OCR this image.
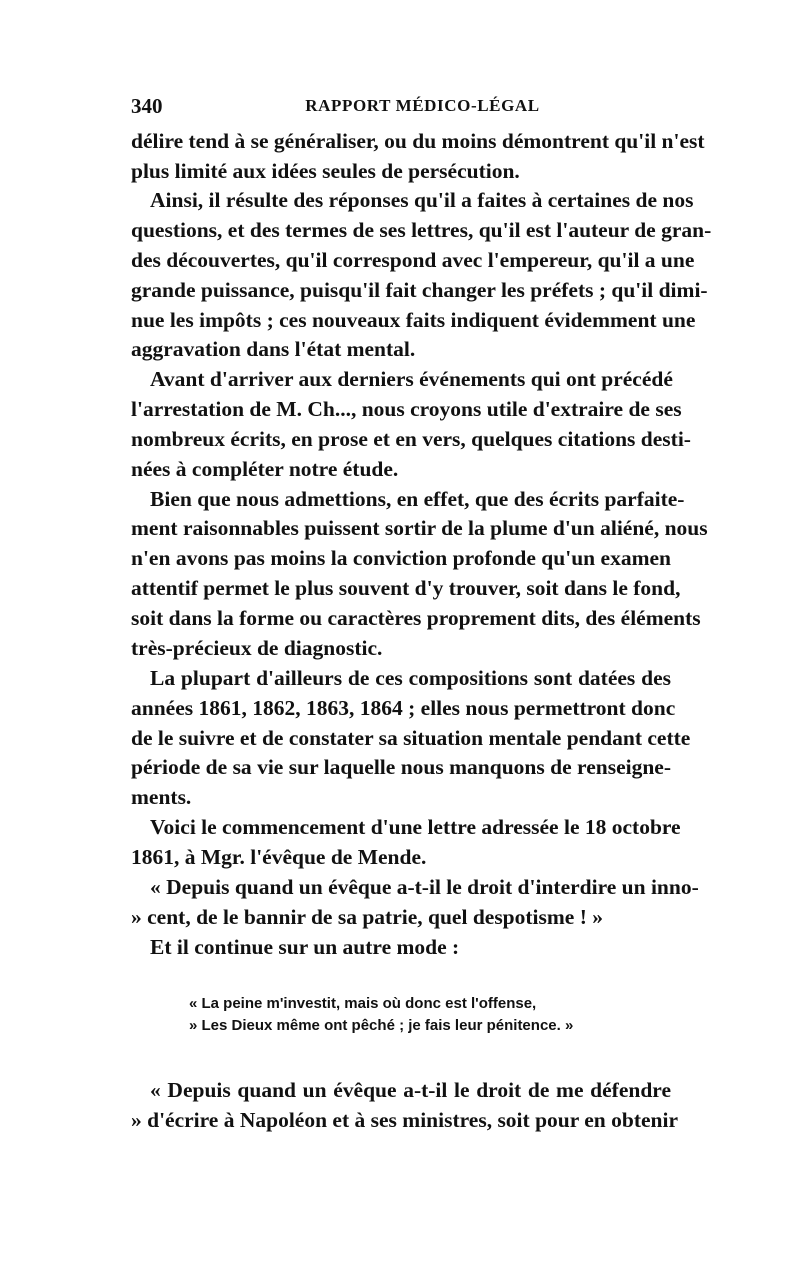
340	RAPPORT MÉDICO-LÉGAL
délire tend à se généraliser, ou du moins démontrent qu'il n'est
plus limité aux idées seules de persécution.
Ainsi, il résulte des réponses qu'il a faites à certaines de nos
questions, et des termes de ses lettres, qu'il est l'auteur de gran-
des découvertes, qu'il correspond avec l'empereur, qu'il a une
grande puissance, puisqu'il fait changer les préfets ; qu'il dimi-
nue les impôts ; ces nouveaux faits indiquent évidemment une
aggravation dans l'état mental.
Avant d'arriver aux derniers événements qui ont précédé
l'arrestation de M. Ch..., nous croyons utile d'extraire de ses
nombreux écrits, en prose et en vers, quelques citations desti-
nées à compléter notre étude.
Bien que nous admettions, en effet, que des écrits parfaite-
ment raisonnables puissent sortir de la plume d'un aliéné, nous
n'en avons pas moins la conviction profonde qu'un examen
attentif permet le plus souvent d'y trouver, soit dans le fond,
soit dans la forme ou caractères proprement dits, des éléments
très-précieux de diagnostic.
La plupart d'ailleurs de ces compositions sont datées des
années 1861, 1862, 1863, 1864 ; elles nous permettront donc
de le suivre et de constater sa situation mentale pendant cette
période de sa vie sur laquelle nous manquons de renseigne-
ments.
Voici le commencement d'une lettre adressée le 18 octobre
1861, à Mgr. l'évêque de Mende.
« Depuis quand un évêque a-t-il le droit d'interdire un inno-
» cent, de le bannir de sa patrie, quel despotisme ! »
Et il continue sur un autre mode :
« La peine m'investit, mais où donc est l'offense,
» Les Dieux même ont pêché ; je fais leur pénitence. »
« Depuis quand un évêque a-t-il le droit de me défendre
» d'écrire à Napoléon et à ses ministres, soit pour en obtenir
